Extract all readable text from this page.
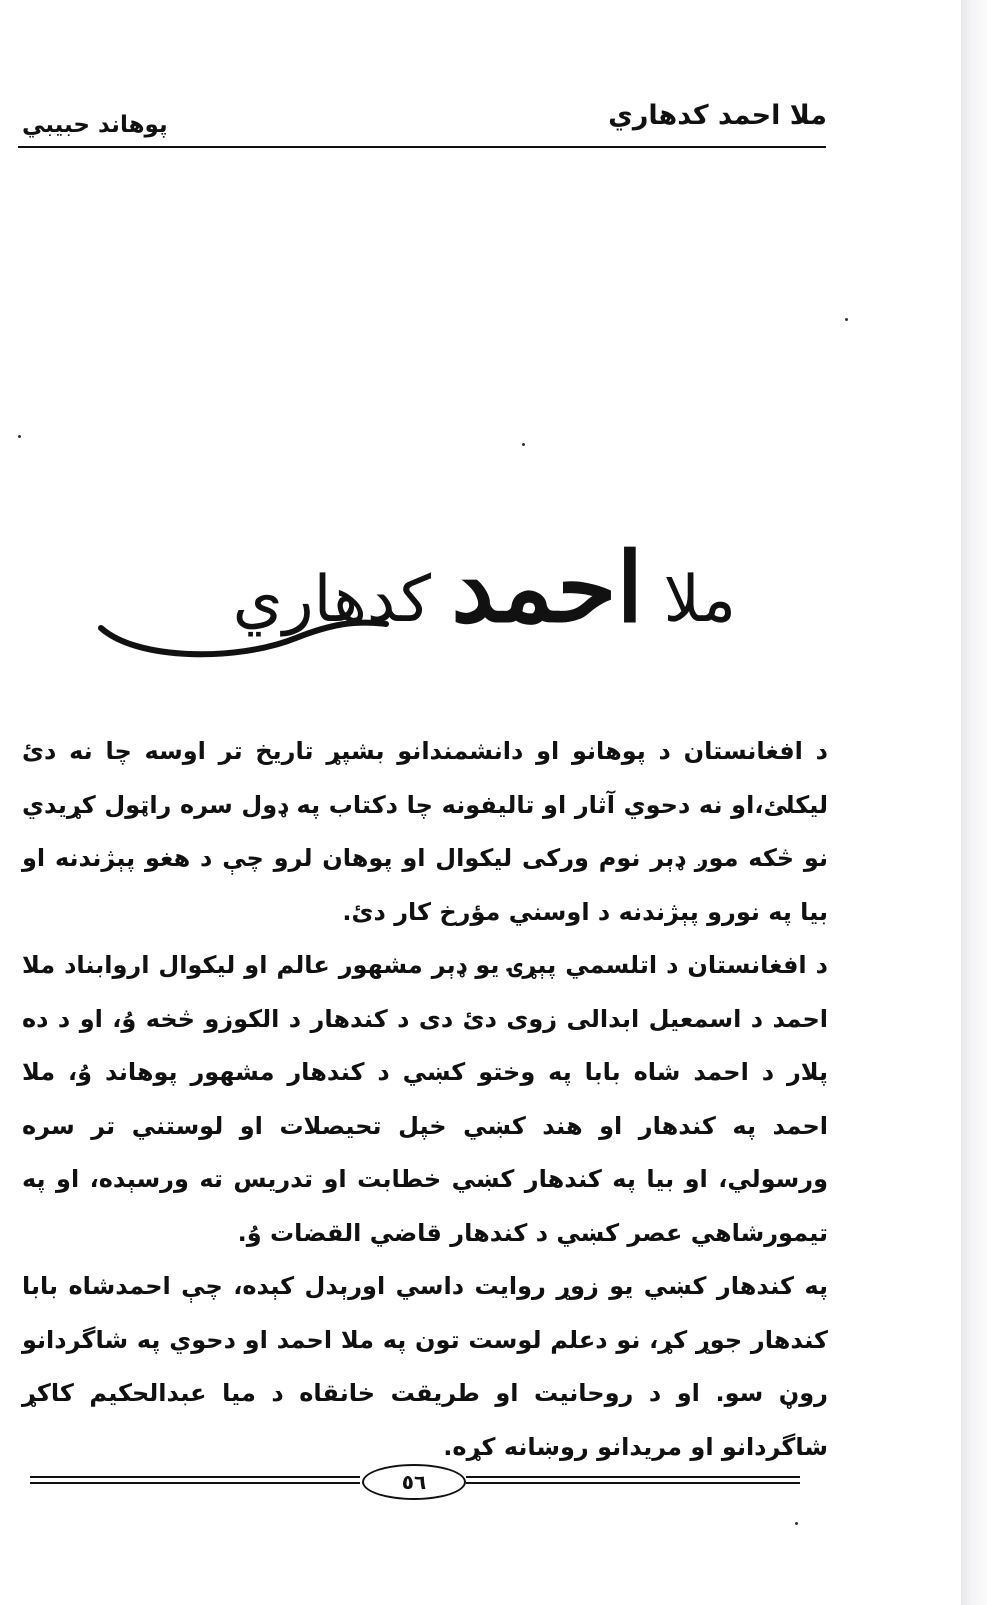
ملا احمد کدهاري
پوهاند حبيبي
ملا احمد کدهاري

د افغانستان د پوهانو او دانشمندانو بشپړ تاريخ تر اوسه چا نه دئ ليکلئ،او نه دحوي آثار او تاليفونه چا دکتاب په ډول سره راټول کړيدي نو څکه موږ ډېر نوم ورکی ليکوال او پوهان لرو چې د هغو پېژندنه او بيا په نورو پېژندنه د اوسني مؤرخ کار دئ.

د افغانستان د اتلسمي پېړۍ يو ډېر مشهور عالم او ليکوال اروابناد ملا احمد د اسمعيل ابدالی زوی دئ دی د کندهار د الکوزو څخه وُ، او د ده پلار د احمد شاه بابا په وختو کښي د کندهار مشهور پوهاند وُ، ملا احمد په کندهار او هند کښي خپل تحيصلات او لوستني تر سره ورسولي، او بيا په کندهار کښي خطابت او تدريس ته ورسېده، او په تيمورشاهي عصر کښي د کندهار قاضي القضات وُ.

په کندهار کښي يو زوړ روايت داسي اورېدل کېده، چې احمدشاه بابا کندهار جوړ کړ، نو دعلم لوست تون په ملا احمد او دحوي په شاگردانو روڼ سو. او د روحانيت او طريقت خانقاه د ميا عبدالحکيم کاکړ شاگردانو او مريدانو روښانه کړه.

٥٦
